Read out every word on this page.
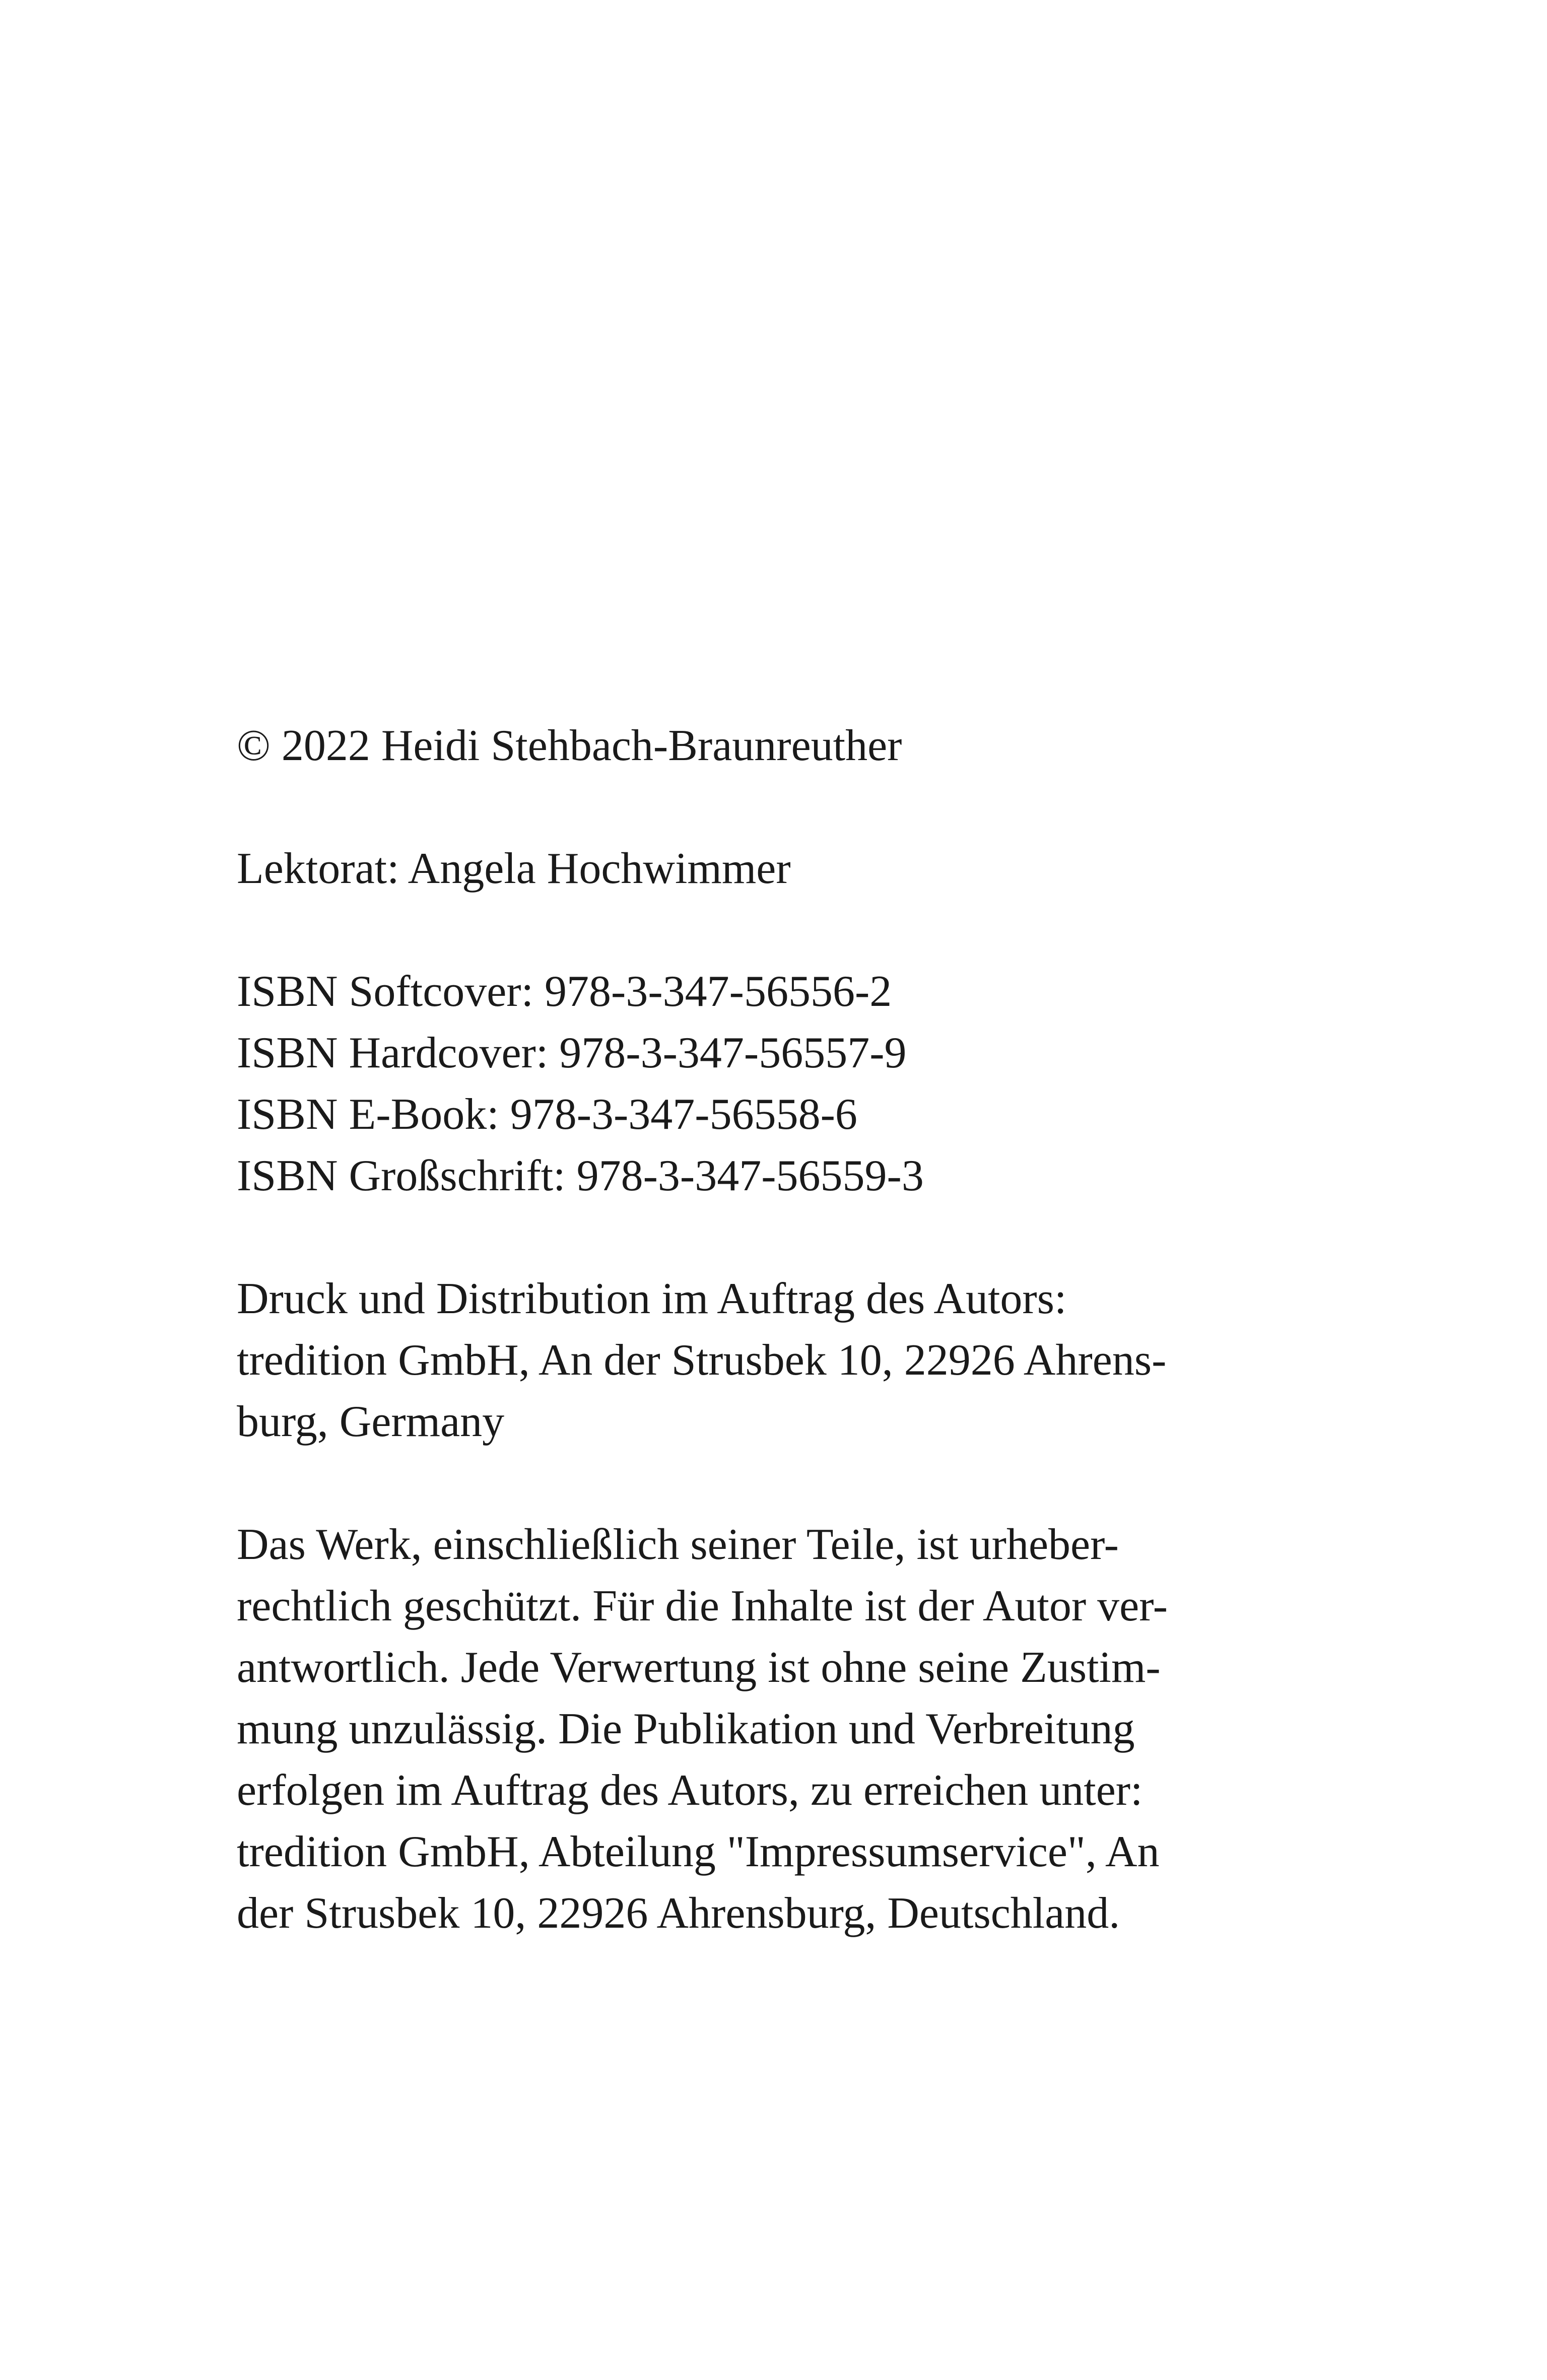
© 2022 Heidi Stehbach-Braunreuther

Lektorat: Angela Hochwimmer

ISBN Softcover: 978-3-347-56556-2
ISBN Hardcover: 978-3-347-56557-9
ISBN E-Book: 978-3-347-56558-6
ISBN Großschrift: 978-3-347-56559-3

Druck und Distribution im Auftrag des Autors:
tredition GmbH, An der Strusbek 10, 22926 Ahrens-
burg, Germany

Das Werk, einschließlich seiner Teile, ist urheber-
rechtlich geschützt. Für die Inhalte ist der Autor ver-
antwortlich. Jede Verwertung ist ohne seine Zustim-
mung unzulässig. Die Publikation und Verbreitung
erfolgen im Auftrag des Autors, zu erreichen unter:
tredition GmbH, Abteilung "Impressumservice", An
der Strusbek 10, 22926 Ahrensburg, Deutschland.
